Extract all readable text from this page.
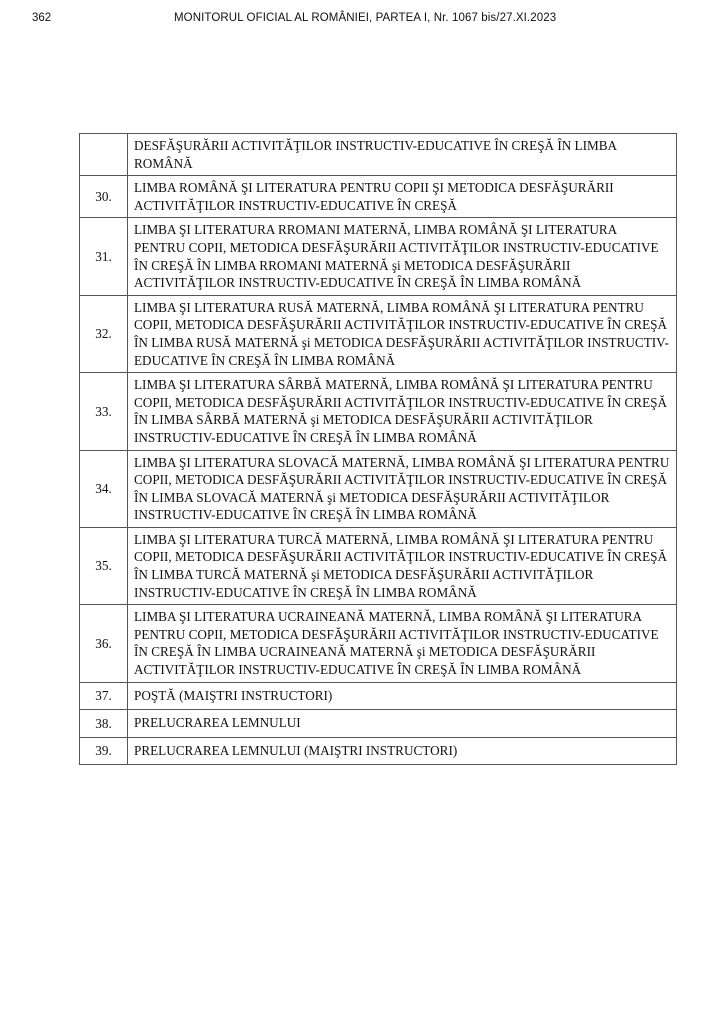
362	MONITORUL OFICIAL AL ROMÂNIEI, PARTEA I, Nr. 1067 bis/27.XI.2023
	DESFĂŞURĂRII ACTIVITĂŢILOR INSTRUCTIV-EDUCATIVE ÎN CREŞĂ ÎN LIMBA ROMÂNĂ
30.	LIMBA ROMÂNĂ ŞI LITERATURA PENTRU COPII ŞI METODICA DESFĂŞURĂRII ACTIVITĂŢILOR INSTRUCTIV-EDUCATIVE ÎN CREŞĂ
31.	LIMBA ŞI LITERATURA RROMANI MATERNĂ, LIMBA ROMÂNĂ ŞI LITERATURA PENTRU COPII, METODICA DESFĂŞURĂRII ACTIVITĂŢILOR INSTRUCTIV-EDUCATIVE ÎN CREŞĂ ÎN LIMBA RROMANI MATERNĂ şi METODICA DESFĂŞURĂRII ACTIVITĂŢILOR INSTRUCTIV-EDUCATIVE ÎN CREŞĂ ÎN LIMBA ROMÂNĂ
32.	LIMBA ŞI LITERATURA RUSĂ MATERNĂ, LIMBA ROMÂNĂ ŞI LITERATURA PENTRU COPII, METODICA DESFĂŞURĂRII ACTIVITĂŢILOR INSTRUCTIV-EDUCATIVE ÎN CREŞĂ ÎN LIMBA RUSĂ MATERNĂ şi METODICA DESFĂŞURĂRII ACTIVITĂŢILOR INSTRUCTIV-EDUCATIVE ÎN CREŞĂ ÎN LIMBA ROMÂNĂ
33.	LIMBA ŞI LITERATURA SÂRBĂ MATERNĂ, LIMBA ROMÂNĂ ŞI LITERATURA PENTRU COPII, METODICA DESFĂŞURĂRII ACTIVITĂŢILOR INSTRUCTIV-EDUCATIVE ÎN CREŞĂ ÎN LIMBA SÂRBĂ MATERNĂ şi METODICA DESFĂŞURĂRII ACTIVITĂŢILOR INSTRUCTIV-EDUCATIVE ÎN CREŞĂ ÎN LIMBA ROMÂNĂ
34.	LIMBA ŞI LITERATURA SLOVACĂ MATERNĂ, LIMBA ROMÂNĂ ŞI LITERATURA PENTRU COPII, METODICA DESFĂŞURĂRII ACTIVITĂŢILOR INSTRUCTIV-EDUCATIVE ÎN CREŞĂ ÎN LIMBA SLOVACĂ MATERNĂ şi METODICA DESFĂŞURĂRII ACTIVITĂŢILOR INSTRUCTIV-EDUCATIVE ÎN CREŞĂ ÎN LIMBA ROMÂNĂ
35.	LIMBA ŞI LITERATURA TURCĂ MATERNĂ, LIMBA ROMÂNĂ ŞI LITERATURA PENTRU COPII, METODICA DESFĂŞURĂRII ACTIVITĂŢILOR INSTRUCTIV-EDUCATIVE ÎN CREŞĂ ÎN LIMBA TURCĂ MATERNĂ şi METODICA DESFĂŞURĂRII ACTIVITĂŢILOR INSTRUCTIV-EDUCATIVE ÎN CREŞĂ ÎN LIMBA ROMÂNĂ
36.	LIMBA ŞI LITERATURA UCRAINEANĂ MATERNĂ, LIMBA ROMÂNĂ ŞI LITERATURA PENTRU COPII, METODICA DESFĂŞURĂRII ACTIVITĂŢILOR INSTRUCTIV-EDUCATIVE ÎN CREŞĂ ÎN LIMBA UCRAINEANĂ MATERNĂ şi METODICA DESFĂŞURĂRII ACTIVITĂŢILOR INSTRUCTIV-EDUCATIVE ÎN CREŞĂ ÎN LIMBA ROMÂNĂ
37.	POŞTĂ (MAIŞTRI INSTRUCTORI)
38.	PRELUCRAREA LEMNULUI
39.	PRELUCRAREA LEMNULUI (MAIŞTRI INSTRUCTORI)
